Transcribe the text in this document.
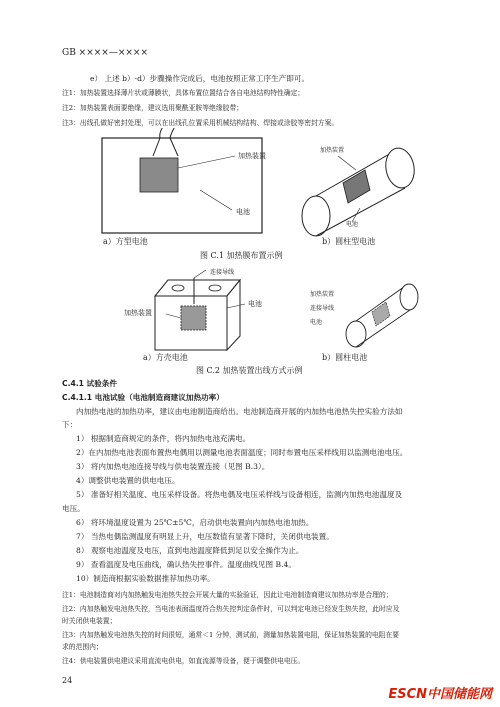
GB ××××—××××
e） 上述 b）-d）步骤操作完成后，电池按照正常工序生产即可。
注1：加热装置选择薄片状或薄膜状，具体布置位置结合各自电池结构特性确定；
注2：加热装置表面要绝缘，建议选用聚酰亚胺等绝缘胶带；
注3：出线孔做好密封处理，可以在出线孔位置采用机械结构结构、焊接或涂胶等密封方案。
加热装置
电池
加热装置
电池
a）方型电池	b）圆柱型电池
图 C.1 加热膜布置示例
连接导线
电池
加热装置
加热装置
连接导线
电池
a）方壳电池	b）圆柱电池
图 C.2 加热装置出线方式示例
C.4.1 试验条件
C.4.1.1 电池试验（电池制造商建议加热功率）
内加热电池的加热功率，建议由电池制造商给出。电池制造商开展的内加热电池热失控实验方法如
下：
1） 根据制造商规定的条件，将内加热电池充满电。
2）在内加热电池表面布置热电偶用以测量电池表面温度；同时布置电压采样线用以监测电池电压。
3） 将内加热电池连接导线与供电装置连接（见图 B.3）。
4）调整供电装置的供电电压。
5） 准备好相关温度、电压采样设备。将热电偶及电压采样线与设备相连，监测内加热电池温度及
电压。
6） 将环境温度设置为 25℃±5℃，启动供电装置向内加热电池加热。
7） 当热电偶监测温度有明显上升，电压数值有显著下降时，关闭供电装置。
8） 观察电池温度及电压，直到电池温度降低到足以安全操作为止。
9） 查看温度及电压曲线，确认热失控事件。温度曲线见图 B.4。
10）制造商根据实验数据推荐加热功率。
注1：电池制造商对内加热触发电池热失控会开展大量的实验验证，因此让电池制造商建议加热功率是合理的；
注2：内加热触发电池热失控，当电池表面温度符合热失控判定条件时，可以判定电池已经发生热失控，此时应及
时关闭供电装置；
注3：内加热触发电池热失控的时间很短，通常＜1 分钟，测试前，测量加热装置电阻，保证加热装置的电阻在要
求的范围内；
注4：供电装置供电建议采用直流电供电，如直流源等设备，便于调整供电电压。
24
ESCN中国储能网
